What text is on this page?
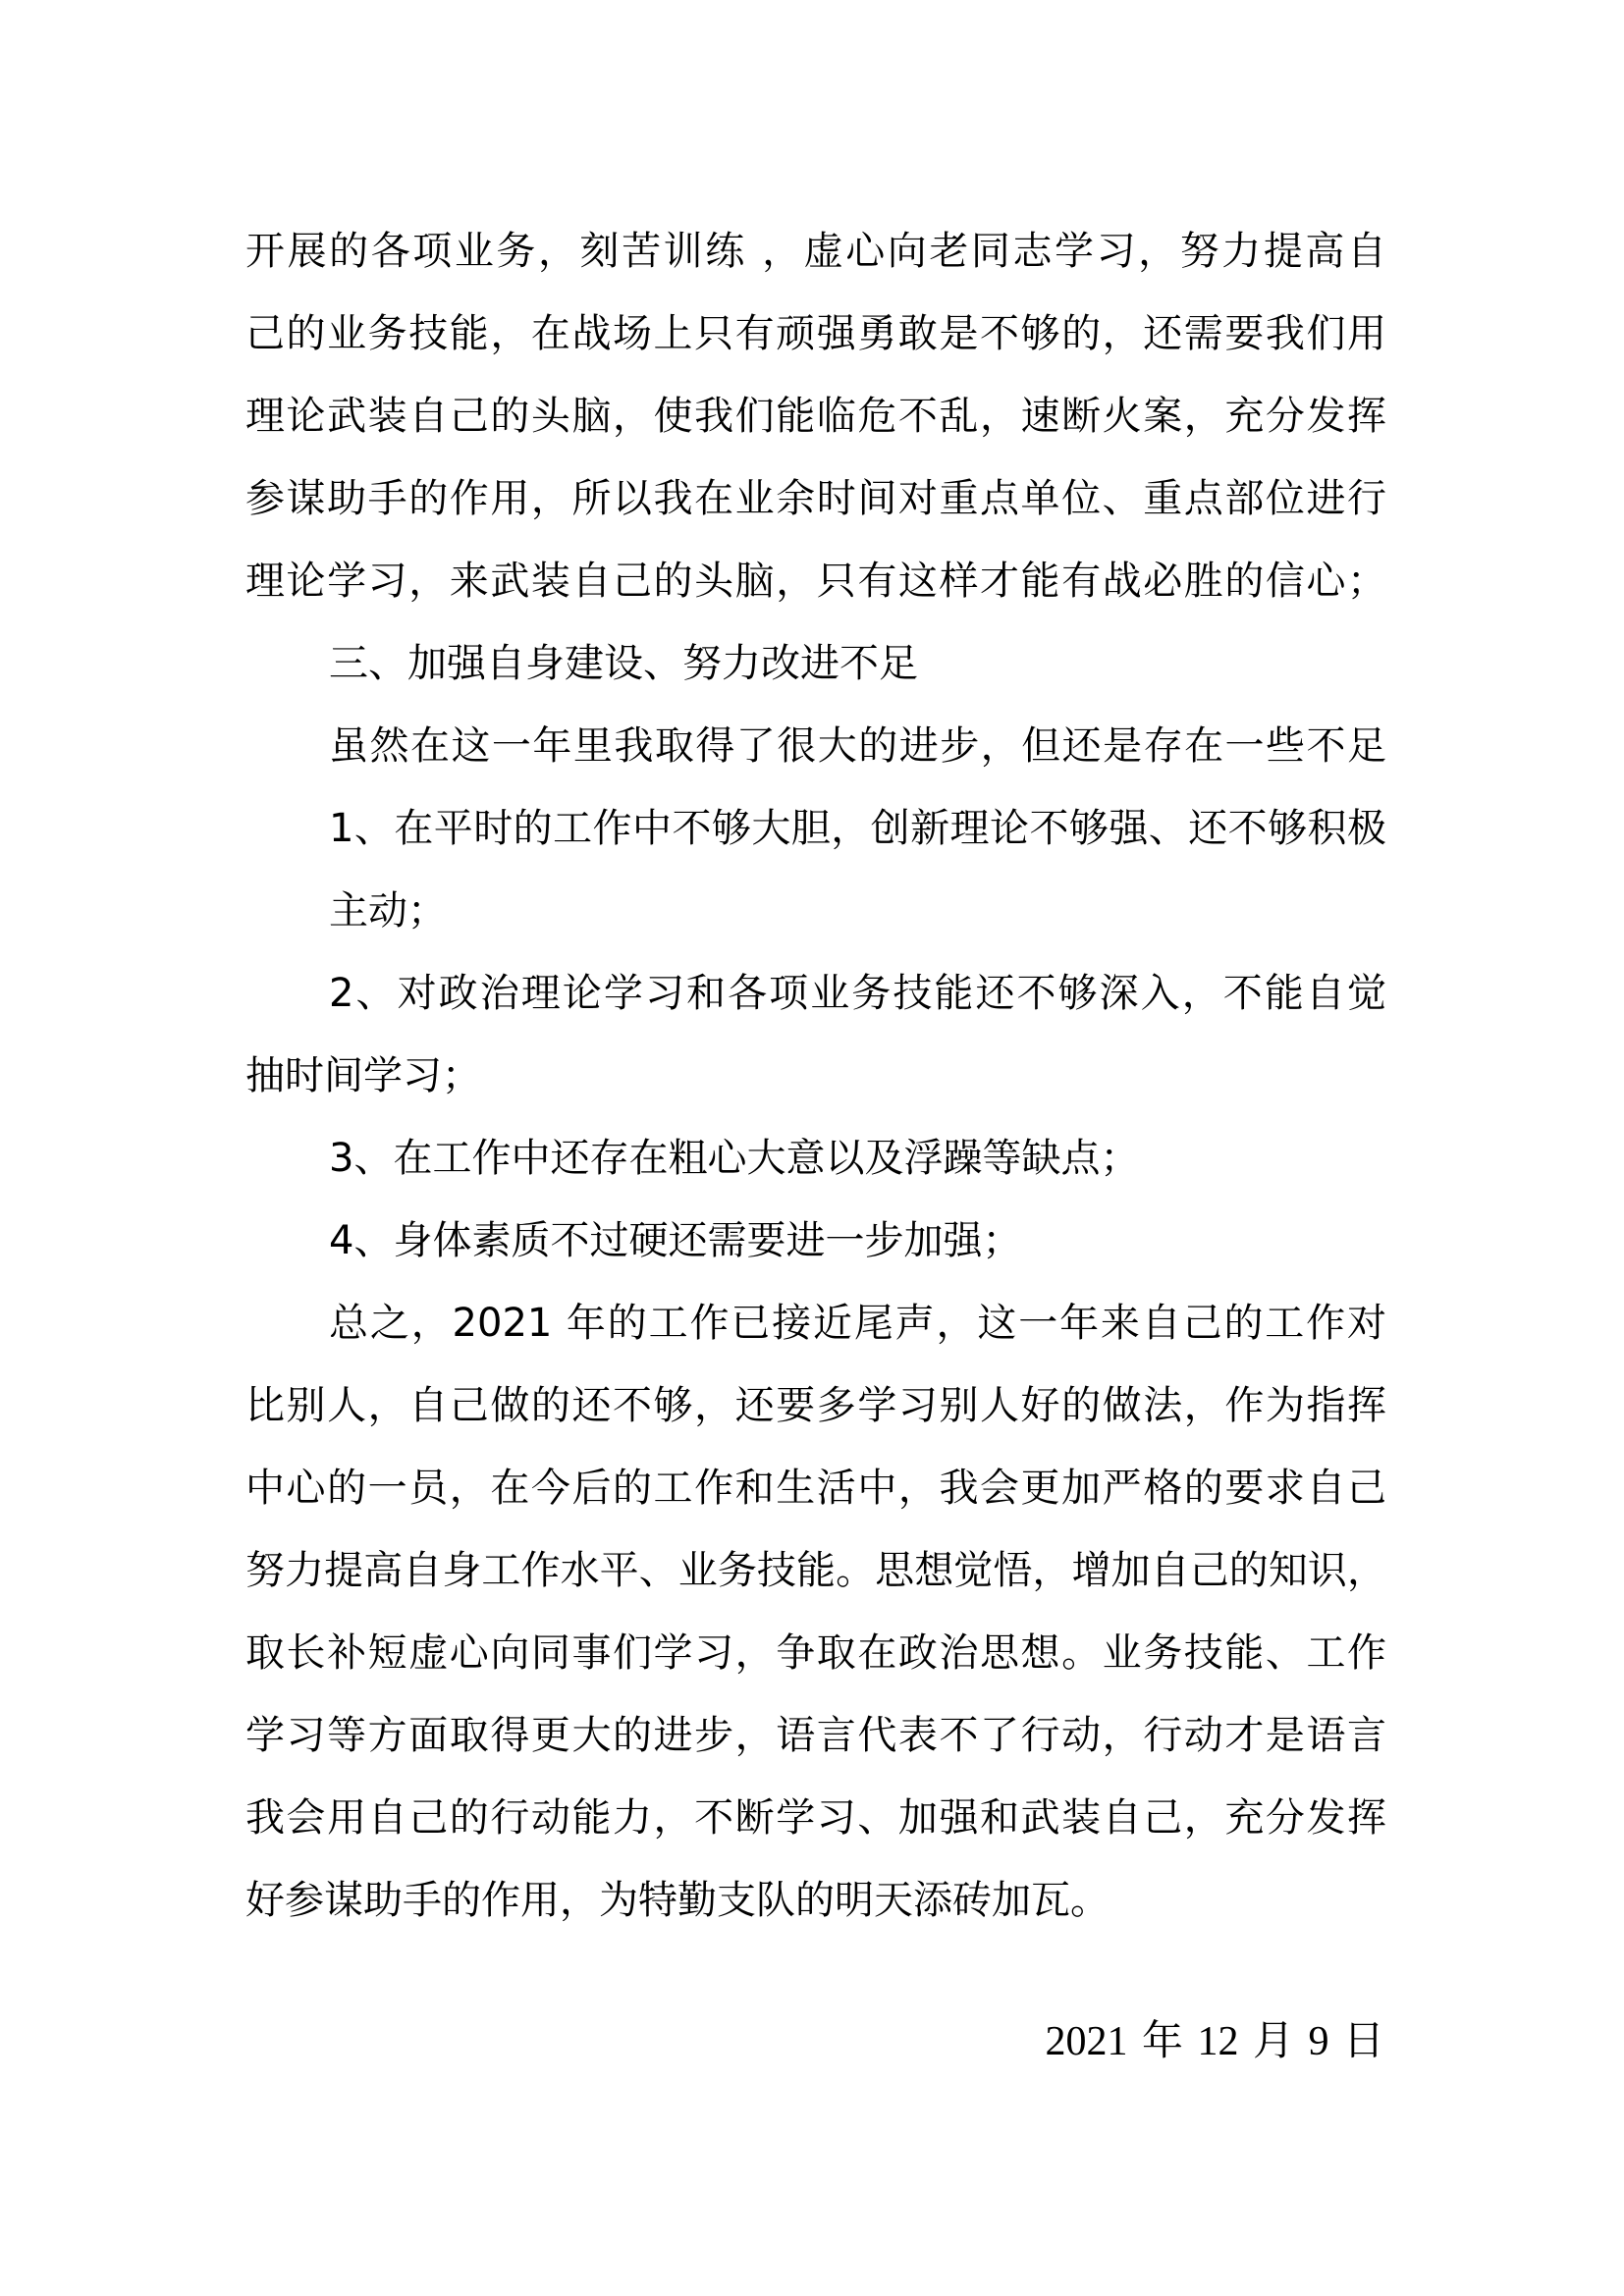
开展的各项业务，刻苦训练 ，虚心向老同志学习，努力提高自
己的业务技能，在战场上只有顽强勇敢是不够的，还需要我们用
理论武装自己的头脑，使我们能临危不乱，速断火案，充分发挥
参谋助手的作用，所以我在业余时间对重点单位、重点部位进行
理论学习，来武装自己的头脑，只有这样才能有战必胜的信心；
三、加强自身建设、努力改进不足
虽然在这一年里我取得了很大的进步，但还是存在一些不足
1、在平时的工作中不够大胆，创新理论不够强、还不够积极
主动；
2、对政治理论学习和各项业务技能还不够深入，不能自觉
抽时间学习；
3、在工作中还存在粗心大意以及浮躁等缺点；
4、身体素质不过硬还需要进一步加强；
总之，2021 年的工作已接近尾声，这一年来自己的工作对
比别人，自己做的还不够，还要多学习别人好的做法，作为指挥
中心的一员，在今后的工作和生活中，我会更加严格的要求自己
努力提高自身工作水平、业务技能。思想觉悟，增加自己的知识，
取长补短虚心向同事们学习，争取在政治思想。业务技能、工作
学习等方面取得更大的进步，语言代表不了行动，行动才是语言
我会用自己的行动能力，不断学习、加强和武装自己，充分发挥
好参谋助手的作用，为特勤支队的明天添砖加瓦。
2021 年 12 月 9 日
